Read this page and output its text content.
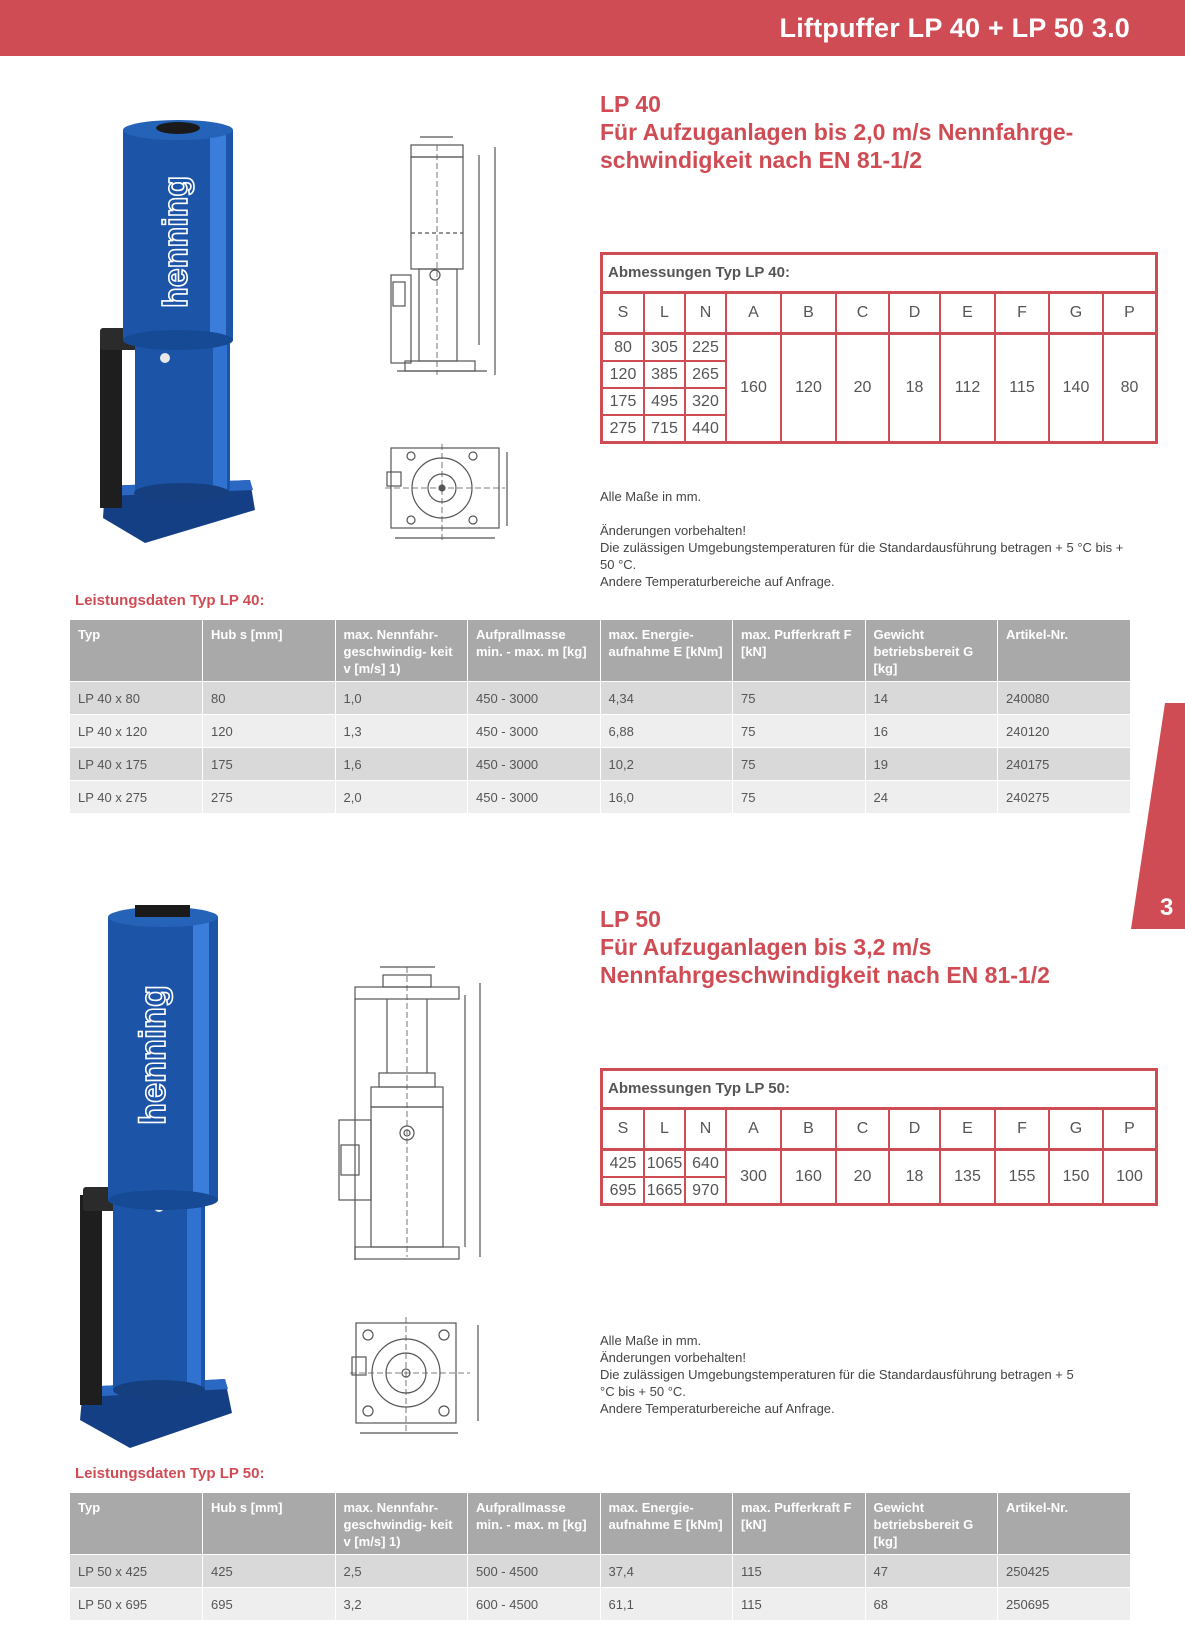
Liftpuffer LP 40 + LP 50 3.0
3
henning
LP 40
Für Aufzuganlagen bis 2,0 m/s Nennfahrge-
schwindigkeit nach EN 81-1/2
Abmessungen Typ LP 40:
S	L	N	A	B	C	D	E	F	G	P
80	305	225	160	120	20	18	112	115	140	80
120	385	265								
175	495	320								
275	715	440								

Alle Maße in mm.

Änderungen vorbehalten!

Die zulässigen Umgebungstemperaturen für die Standardausführung betragen + 5 °C bis + 50 °C.

Andere Temperaturbereiche auf Anfrage.

Leistungsdaten Typ LP 40:
Typ	Hub s [mm]	max. Nennfahr- geschwindig- keit v [m/s] 1)	Aufprallmasse min. - max. m [kg]	max. Energie- aufnahme E [kNm]	max. Pufferkraft F [kN]	Gewicht betriebsbereit G [kg]	Artikel-Nr.
LP 40 x 80	80	1,0	450 - 3000	4,34	75	14	240080
LP 40 x 120	120	1,3	450 - 3000	6,88	75	16	240120
LP 40 x 175	175	1,6	450 - 3000	10,2	75	19	240175
LP 40 x 275	275	2,0	450 - 3000	16,0	75	24	240275
henning
LP 50
Für Aufzuganlagen bis 3,2 m/s
Nennfahrgeschwindigkeit nach EN 81-1/2
Abmessungen Typ LP 50:
S	L	N	A	B	C	D	E	F	G	P
425	1065	640	300	160	20	18	135	155	150	100
695	1665	970								

Alle Maße in mm.

Änderungen vorbehalten!

Die zulässigen Umgebungstemperaturen für die Standardausführung betragen + 5 °C bis + 50 °C.

Andere Temperaturbereiche auf Anfrage.

Leistungsdaten Typ LP 50:
Typ	Hub s [mm]	max. Nennfahr- geschwindig- keit v [m/s] 1)	Aufprallmasse min. - max. m [kg]	max. Energie- aufnahme E [kNm]	max. Pufferkraft F [kN]	Gewicht betriebsbereit G [kg]	Artikel-Nr.
LP 50 x 425	425	2,5	500 - 4500	37,4	115	47	250425
LP 50 x 695	695	3,2	600 - 4500	61,1	115	68	250695
